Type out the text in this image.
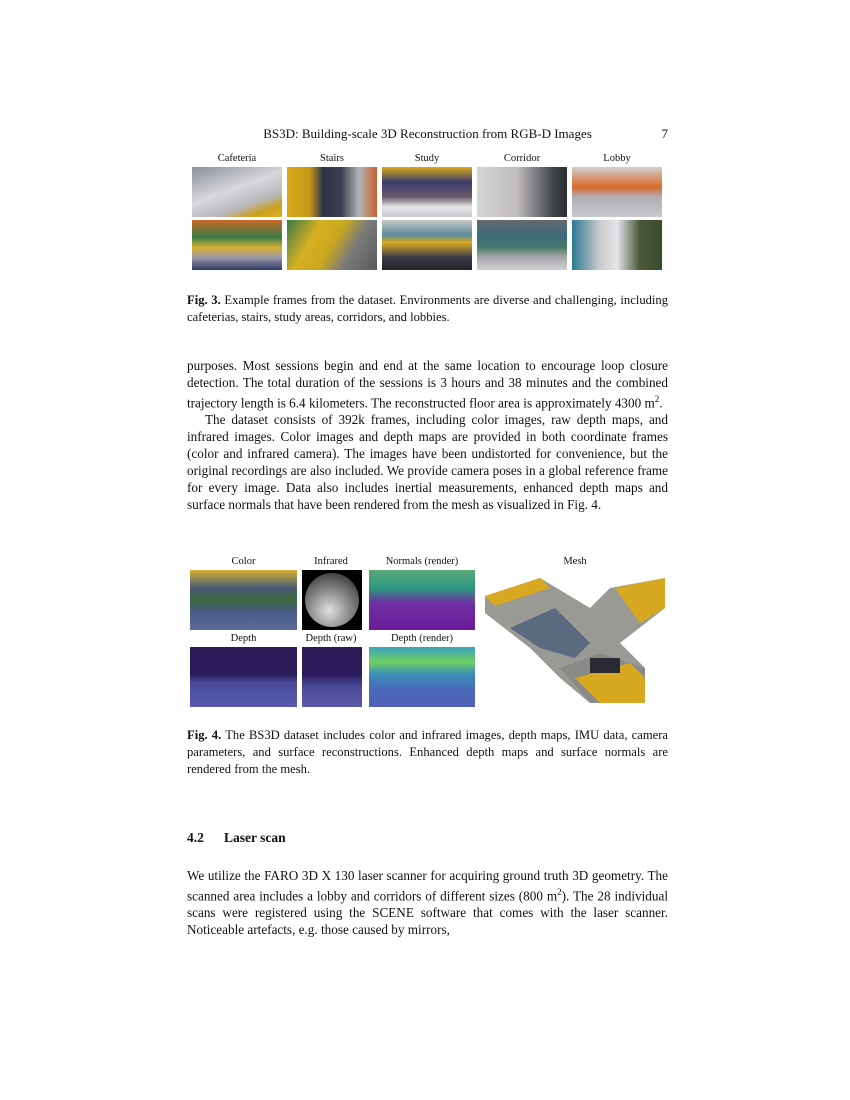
BS3D: Building-scale 3D Reconstruction from RGB-D Images	7
Cafeteria	Stairs	Study	Corridor	Lobby
Fig. 3. Example frames from the dataset. Environments are diverse and challenging, including cafeterias, stairs, study areas, corridors, and lobbies.

purposes. Most sessions begin and end at the same location to encourage loop closure detection. The total duration of the sessions is 3 hours and 38 minutes and the combined trajectory length is 6.4 kilometers. The reconstructed floor area is approximately 4300 $m^2$.

The dataset consists of 392k frames, including color images, raw depth maps, and infrared images. Color images and depth maps are provided in both coordinate frames (color and infrared camera). The images have been undistorted for convenience, but the original recordings are also included. We provide camera poses in a global reference frame for every image. Data also includes inertial measurements, enhanced depth maps and surface normals that have been rendered from the mesh as visualized in Fig. 4.

Color	Infrared	Normals (render)	Mesh
Depth	Depth (raw)	Depth (render)
Fig. 4. The BS3D dataset includes color and infrared images, depth maps, IMU data, camera parameters, and surface reconstructions. Enhanced depth maps and surface normals are rendered from the mesh.
4.2 Laser scan

We utilize the FARO 3D X 130 laser scanner for acquiring ground truth 3D geometry. The scanned area includes a lobby and corridors of different sizes (800 $m^2$). The 28 individual scans were registered using the SCENE software that comes with the laser scanner. Noticeable artefacts, e.g. those caused by mirrors,
